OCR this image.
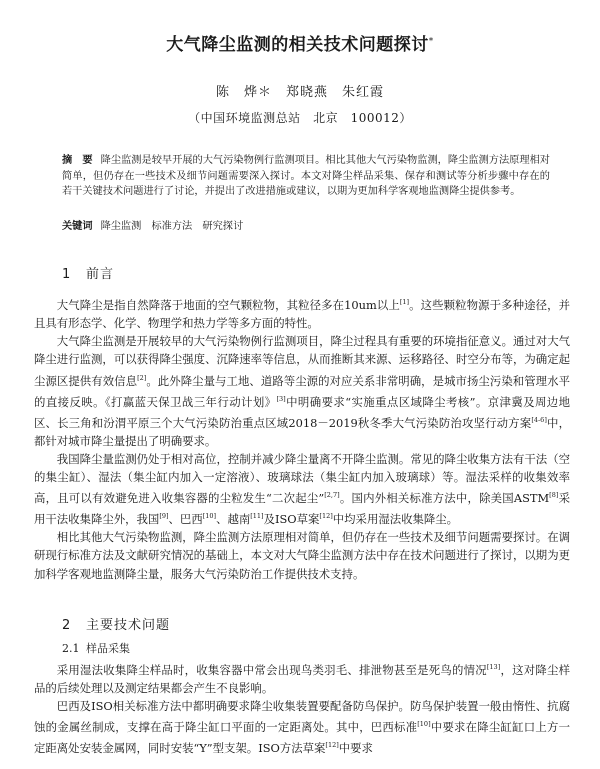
大气降尘监测的相关技术问题探讨*
陈　烨＊　郑晓燕　朱红霞
（中国环境监测总站　北京　100012）
摘　要 降尘监测是较早开展的大气污染物例行监测项目。相比其他大气污染物监测，降尘监测方法原理相对简单，但仍存在一些技术及细节问题需要深入探讨。本文对降尘样品采集、保存和测试等分析步骤中存在的若干关键技术问题进行了讨论，并提出了改进措施或建议，以期为更加科学客观地监测降尘提供参考。
关键词 降尘监测　标准方法　研究探讨
1 前言

大气降尘是指自然降落于地面的空气颗粒物，其粒径多在10um以上[1]。这些颗粒物源于多种途径，并且具有形态学、化学、物理学和热力学等多方面的特性。

大气降尘监测是开展较早的大气污染物例行监测项目，降尘过程具有重要的环境指征意义。通过对大气降尘进行监测，可以获得降尘强度、沉降速率等信息，从而推断其来源、运移路径、时空分布等，为确定起尘源区提供有效信息[2]。此外降尘量与工地、道路等尘源的对应关系非常明确，是城市扬尘污染和管理水平的直接反映。《打赢蓝天保卫战三年行动计划》[3]中明确要求“实施重点区域降尘考核”。京津冀及周边地区、长三角和汾渭平原三个大气污染防治重点区域2018－2019秋冬季大气污染防治攻坚行动方案[4-6]中，都针对城市降尘量提出了明确要求。

我国降尘量监测仍处于相对高位，控制并减少降尘量离不开降尘监测。常见的降尘收集方法有干法（空的集尘缸）、湿法（集尘缸内加入一定溶液）、玻璃球法（集尘缸内加入玻璃球）等。湿法采样的收集效率高，且可以有效避免进入收集容器的尘粒发生“二次起尘”[2,7]。国内外相关标准方法中，除美国ASTM[8]采用干法收集降尘外，我国[9]、巴西[10]、越南[11]及ISO草案[12]中均采用湿法收集降尘。

相比其他大气污染物监测，降尘监测方法原理相对简单，但仍存在一些技术及细节问题需要探讨。在调研现行标准方法及文献研究情况的基础上，本文对大气降尘监测方法中存在技术问题进行了探讨，以期为更加科学客观地监测降尘量，服务大气污染防治工作提供技术支持。

2 主要技术问题
2.1 样品采集

采用湿法收集降尘样品时，收集容器中常会出现鸟类羽毛、排泄物甚至是死鸟的情况[13]，这对降尘样品的后续处理以及测定结果都会产生不良影响。

巴西及ISO相关标准方法中都明确要求降尘收集装置要配备防鸟保护。防鸟保护装置一般由惰性、抗腐蚀的金属丝制成，支撑在高于降尘缸口平面的一定距离处。其中，巴西标准[10]中要求在降尘缸缸口上方一定距离处安装金属网，同时安装“Y”型支架。ISO方法草案[12]中要求
